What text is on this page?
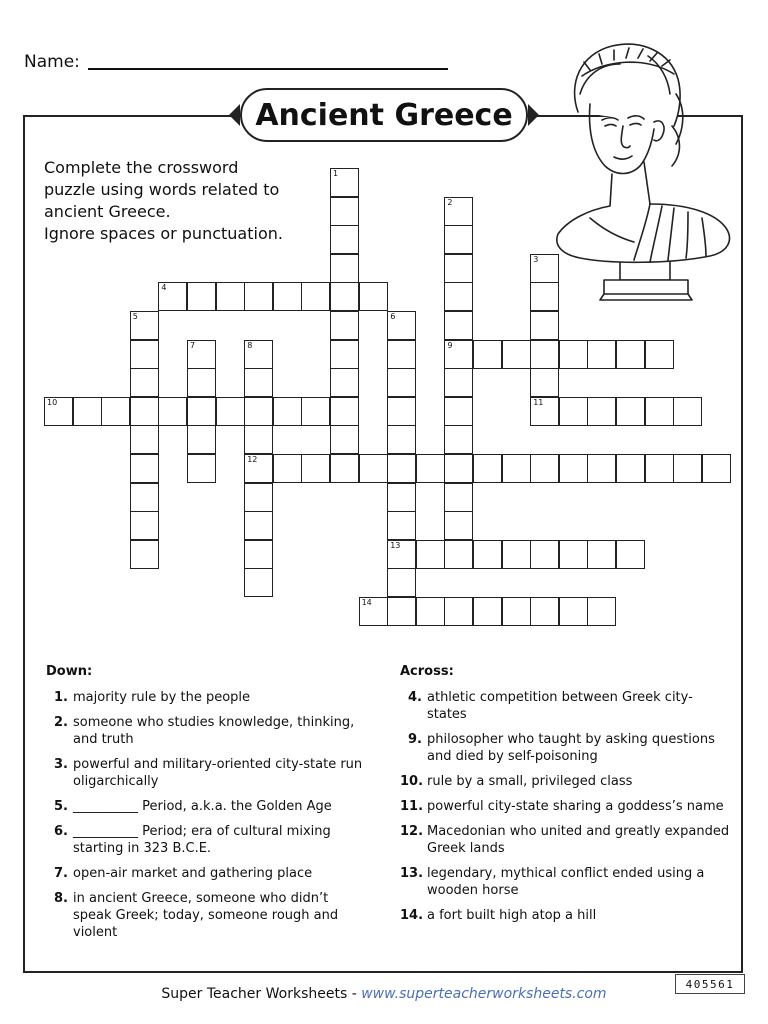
Name:
Ancient Greece
Complete the crossword
puzzle using words related to
ancient Greece.
Ignore spaces or punctuation.
1
2
9
3
11
4
5	6
13
7	8
12
10
14
Down:
1. majority rule by the people
2. someone who studies knowledge, thinking, and truth
3. powerful and military-oriented city-state run oligarchically
5. __________ Period, a.k.a. the Golden Age
6. __________ Period; era of cultural mixing starting in 323 B.C.E.
7. open-air market and gathering place
8. in ancient Greece, someone who didn’t speak Greek; today, someone rough and violent
Across:
4. athletic competition between Greek city-states
9. philosopher who taught by asking questions and died by self-poisoning
10. rule by a small, privileged class
11. powerful city-state sharing a goddess’s name
12. Macedonian who united and greatly expanded Greek lands
13. legendary, mythical conflict ended using a wooden horse
14. a fort built high atop a hill
405561
Super Teacher Worksheets - www.superteacherworksheets.com
